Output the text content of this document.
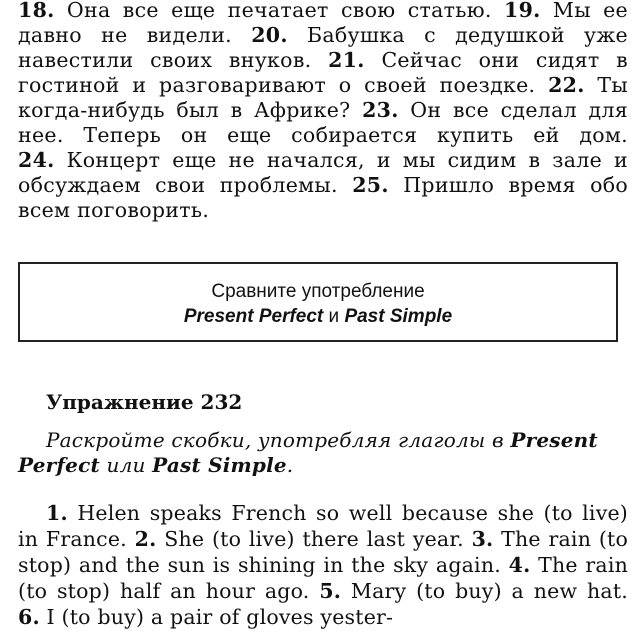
18. Она все еще печатает свою статью. 19. Мы ее давно не видели. 20. Бабушка с дедушкой уже навестили своих внуков. 21. Сейчас они сидят в гостиной и разговаривают о своей поездке. 22. Ты когда-нибудь был в Африке? 23. Он все сделал для нее. Теперь он еще собирается купить ей дом. 24. Концерт еще не начался, и мы сидим в зале и обсуждаем свои проблемы. 25. Пришло время обо всем поговорить.

Сравните употребление
Present Perfect и Past Simple
Упражнение 232

Раскройте скобки, употребляя глаголы в Present Perfect или Past Simple.

1. Helen speaks French so well because she (to live) in France. 2. She (to live) there last year. 3. The rain (to stop) and the sun is shining in the sky again. 4. The rain (to stop) half an hour ago. 5. Mary (to buy) a new hat. 6. I (to buy) a pair of gloves yester-
